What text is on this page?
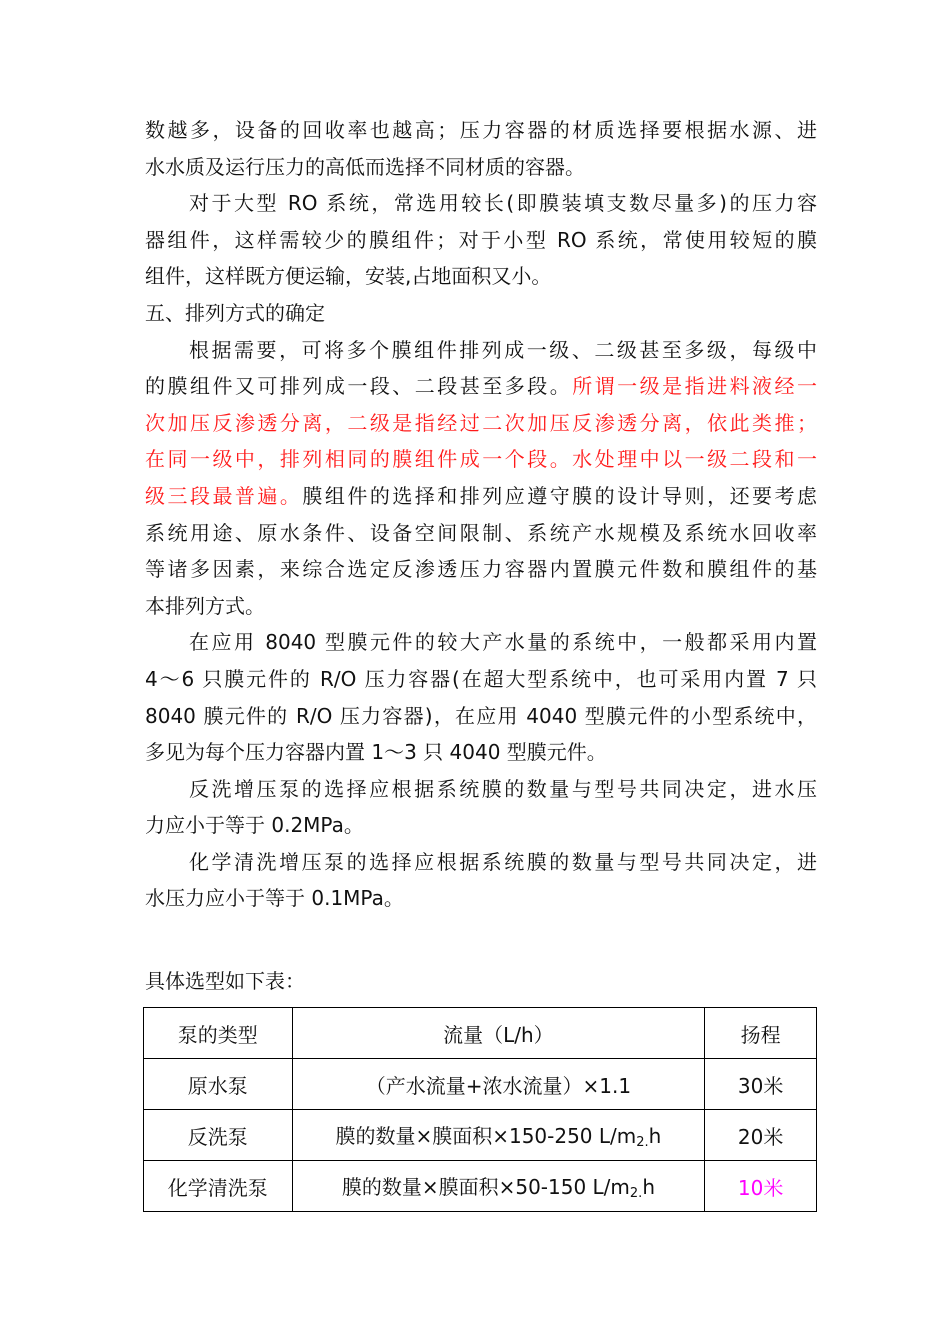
数越多，设备的回收率也越高；压力容器的材质选择要根据水源、进
水水质及运行压力的高低而选择不同材质的容器。
对于大型 RO 系统，常选用较长(即膜装填支数尽量多)的压力容
器组件，这样需较少的膜组件；对于小型 RO 系统，常使用较短的膜
组件，这样既方便运输，安装,占地面积又小。
五、排列方式的确定
根据需要，可将多个膜组件排列成一级、二级甚至多级，每级中
的膜组件又可排列成一段、二段甚至多段。所谓一级是指进料液经一
次加压反渗透分离，二级是指经过二次加压反渗透分离，依此类推；
在同一级中，排列相同的膜组件成一个段。水处理中以一级二段和一
级三段最普遍。膜组件的选择和排列应遵守膜的设计导则，还要考虑
系统用途、原水条件、设备空间限制、系统产水规模及系统水回收率
等诸多因素，来综合选定反渗透压力容器内置膜元件数和膜组件的基
本排列方式。
在应用 8040 型膜元件的较大产水量的系统中，一般都采用内置
4～6 只膜元件的 R/O 压力容器(在超大型系统中，也可采用内置 7 只
8040 膜元件的 R/O 压力容器)，在应用 4040 型膜元件的小型系统中，
多见为每个压力容器内置 1～3 只 4040 型膜元件。
反洗增压泵的选择应根据系统膜的数量与型号共同决定，进水压
力应小于等于 0.2MPa。
化学清洗增压泵的选择应根据系统膜的数量与型号共同决定，进
水压力应小于等于 0.1MPa。
具体选型如下表：
泵的类型	流量（L/h）	扬程
原水泵	（产水流量+浓水流量）×1.1	30米
反洗泵	膜的数量×膜面积×150-250 $L/m_{2.}h$	20米
化学清洗泵	膜的数量×膜面积×50-150 $L/m_{2.}h$	10米
